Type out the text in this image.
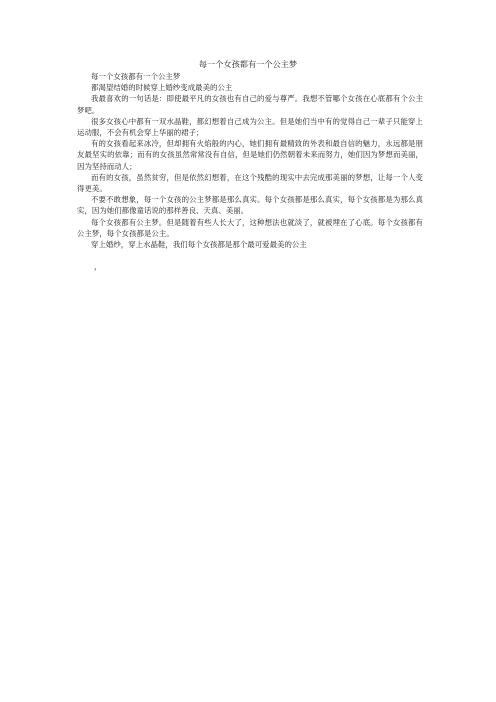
每一个女孩都有一个公主梦

每一个女孩都有一个公主梦

都渴望结婚的时候穿上婚纱变成最美的公主

我最喜欢的一句话是：即使最平凡的女孩也有自己的爱与尊严。我想不管哪个女孩在心底都有个公主梦吧。

很多女孩心中都有一双水晶鞋，都幻想着自己成为公主。但是她们当中有的觉得自己一辈子只能穿上运动服，不会有机会穿上华丽的裙子；

有的女孩看起来冰冷，但却拥有火焰般的内心，她们拥有最精致的外表和最自信的魅力，永远都是朋友最坚实的依靠；而有的女孩虽然常常没有自信，但是她们仍然朝着未来而努力，她们因为梦想而美丽，因为坚持而动人；

而有的女孩，虽然贫穷，但是依然幻想着，在这个残酷的现实中去完成那美丽的梦想，让每一个人变得更美。

不要不敢想象，每一个女孩的公主梦都是那么真实。每个女孩都是那么真实，每个女孩都是为那么真实，因为她们都像童话说的那样善良、天真、美丽。

每个女孩都有公主梦。但是随着有些人长大了，这种想法也就淡了，就被埋在了心底。每个女孩都有公主梦，每个女孩都是公主。

穿上婚纱，穿上水晶鞋，我们每个女孩都是那个最可爱最美的公主

，
